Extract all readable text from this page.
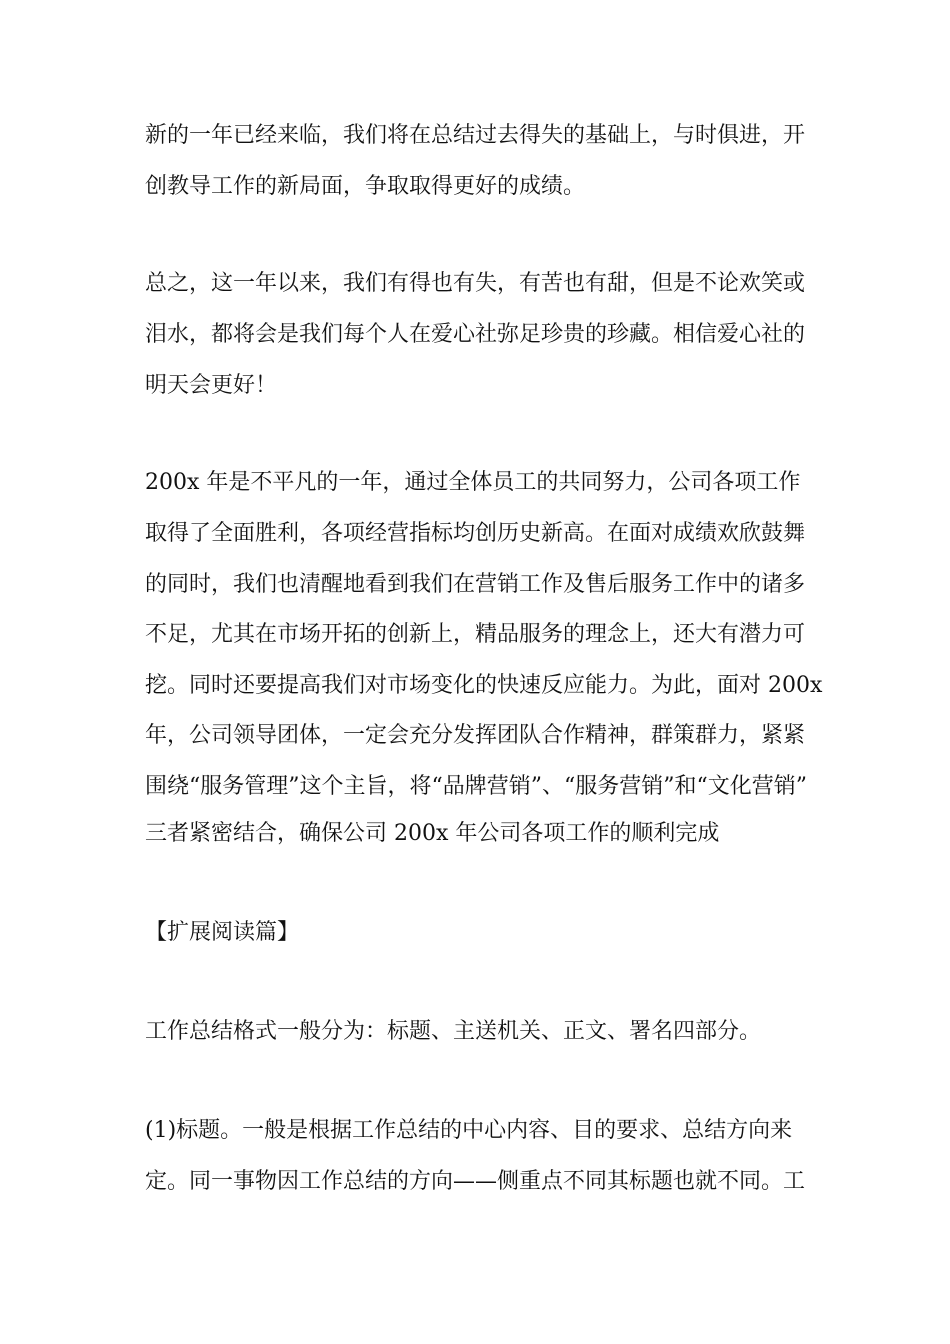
新的一年已经来临，我们将在总结过去得失的基础上，与时俱进，开
创教导工作的新局面，争取取得更好的成绩。
总之，这一年以来，我们有得也有失，有苦也有甜，但是不论欢笑或
泪水，都将会是我们每个人在爱心社弥足珍贵的珍藏。相信爱心社的
明天会更好！
200x 年是不平凡的一年，通过全体员工的共同努力，公司各项工作
取得了全面胜利，各项经营指标均创历史新高。在面对成绩欢欣鼓舞
的同时，我们也清醒地看到我们在营销工作及售后服务工作中的诸多
不足，尤其在市场开拓的创新上，精品服务的理念上，还大有潜力可
挖。同时还要提高我们对市场变化的快速反应能力。为此，面对 200x
年，公司领导团体，一定会充分发挥团队合作精神，群策群力，紧紧
围绕“服务管理”这个主旨，将“品牌营销”、“服务营销”和“文化营销”
三者紧密结合，确保公司 200x 年公司各项工作的顺利完成
【扩展阅读篇】
工作总结格式一般分为：标题、主送机关、正文、署名四部分。
(1)标题。一般是根据工作总结的中心内容、目的要求、总结方向来
定。同一事物因工作总结的方向——侧重点不同其标题也就不同。工
